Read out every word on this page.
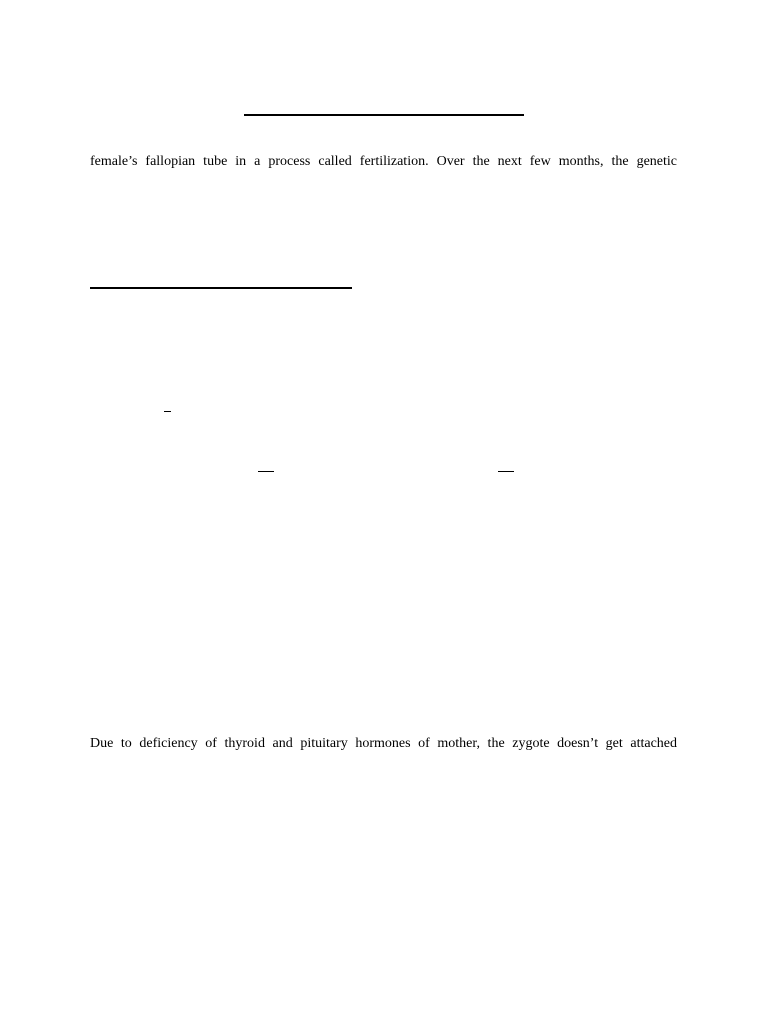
female’s fallopian tube in a process called fertilization. Over the next few months, the genetic
Due to deficiency of thyroid and pituitary hormones of mother, the zygote doesn’t get attached
